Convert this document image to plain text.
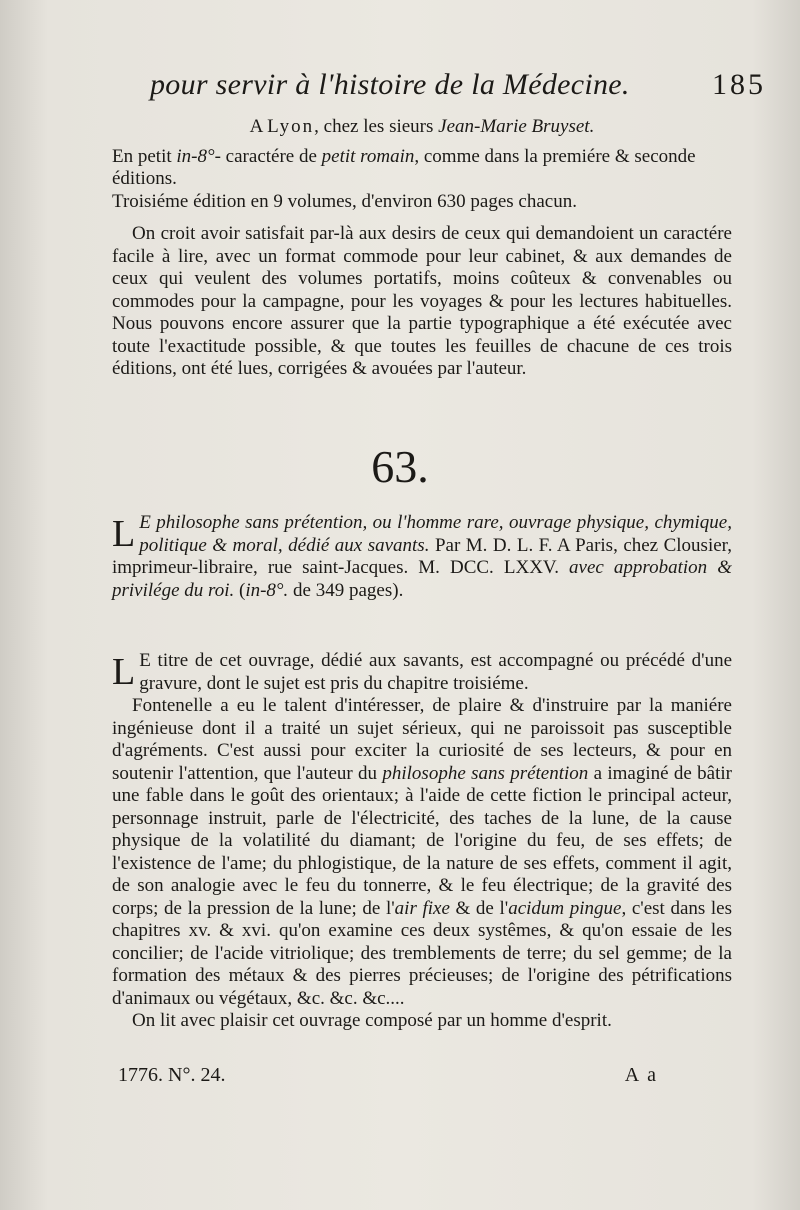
pour servir à l'histoire de la Médecine.	185
A Lyon, chez les sieurs Jean-Marie Bruyset.
En petit in-8°- caractére de petit romain, comme dans la premiére & seconde éditions.
Troisiéme édition en 9 volumes, d'environ 630 pages chacun.
On croit avoir satisfait par-là aux desirs de ceux qui demandoient un caractére facile à lire, avec un format commode pour leur cabinet, & aux demandes de ceux qui veulent des volumes portatifs, moins coûteux & convenables ou commodes pour la campagne, pour les voyages & pour les lectures habituelles. Nous pouvons encore assurer que la partie typographique a été exécutée avec toute l'exactitude possible, & que toutes les feuilles de chacune de ces trois éditions, ont été lues, corrigées & avouées par l'auteur.
63.
L E philosophe sans prétention, ou l'homme rare, ouvrage physique, chymique, politique & moral, dédié aux savants. Par M. D. L. F. A Paris, chez Clousier, imprimeur-libraire, rue saint-Jacques. M. DCC. LXXV. avec approbation & privilége du roi. (in-8°. de 349 pages).
L E titre de cet ouvrage, dédié aux savants, est accompagné ou précédé d'une gravure, dont le sujet est pris du chapitre troisiéme.
Fontenelle a eu le talent d'intéresser, de plaire & d'instruire par la maniére ingénieuse dont il a traité un sujet sérieux, qui ne paroissoit pas susceptible d'agréments. C'est aussi pour exciter la curiosité de ses lecteurs, & pour en soutenir l'attention, que l'auteur du philosophe sans prétention a imaginé de bâtir une fable dans le goût des orientaux; à l'aide de cette fiction le principal acteur, personnage instruit, parle de l'électricité, des taches de la lune, de la cause physique de la volatilité du diamant; de l'origine du feu, de ses effets; de l'existence de l'ame; du phlogistique, de la nature de ses effets, comment il agit, de son analogie avec le feu du tonnerre, & le feu électrique; de la gravité des corps; de la pression de la lune; de l'air fixe & de l'acidum pingue, c'est dans les chapitres xv. & xvi. qu'on examine ces deux systêmes, & qu'on essaie de les concilier; de l'acide vitriolique; des tremblements de terre; du sel gemme; de la formation des métaux & des pierres précieuses; de l'origine des pétrifications d'animaux ou végétaux, &c. &c. &c....
On lit avec plaisir cet ouvrage composé par un homme d'esprit.
1776. N°. 24.	A a
